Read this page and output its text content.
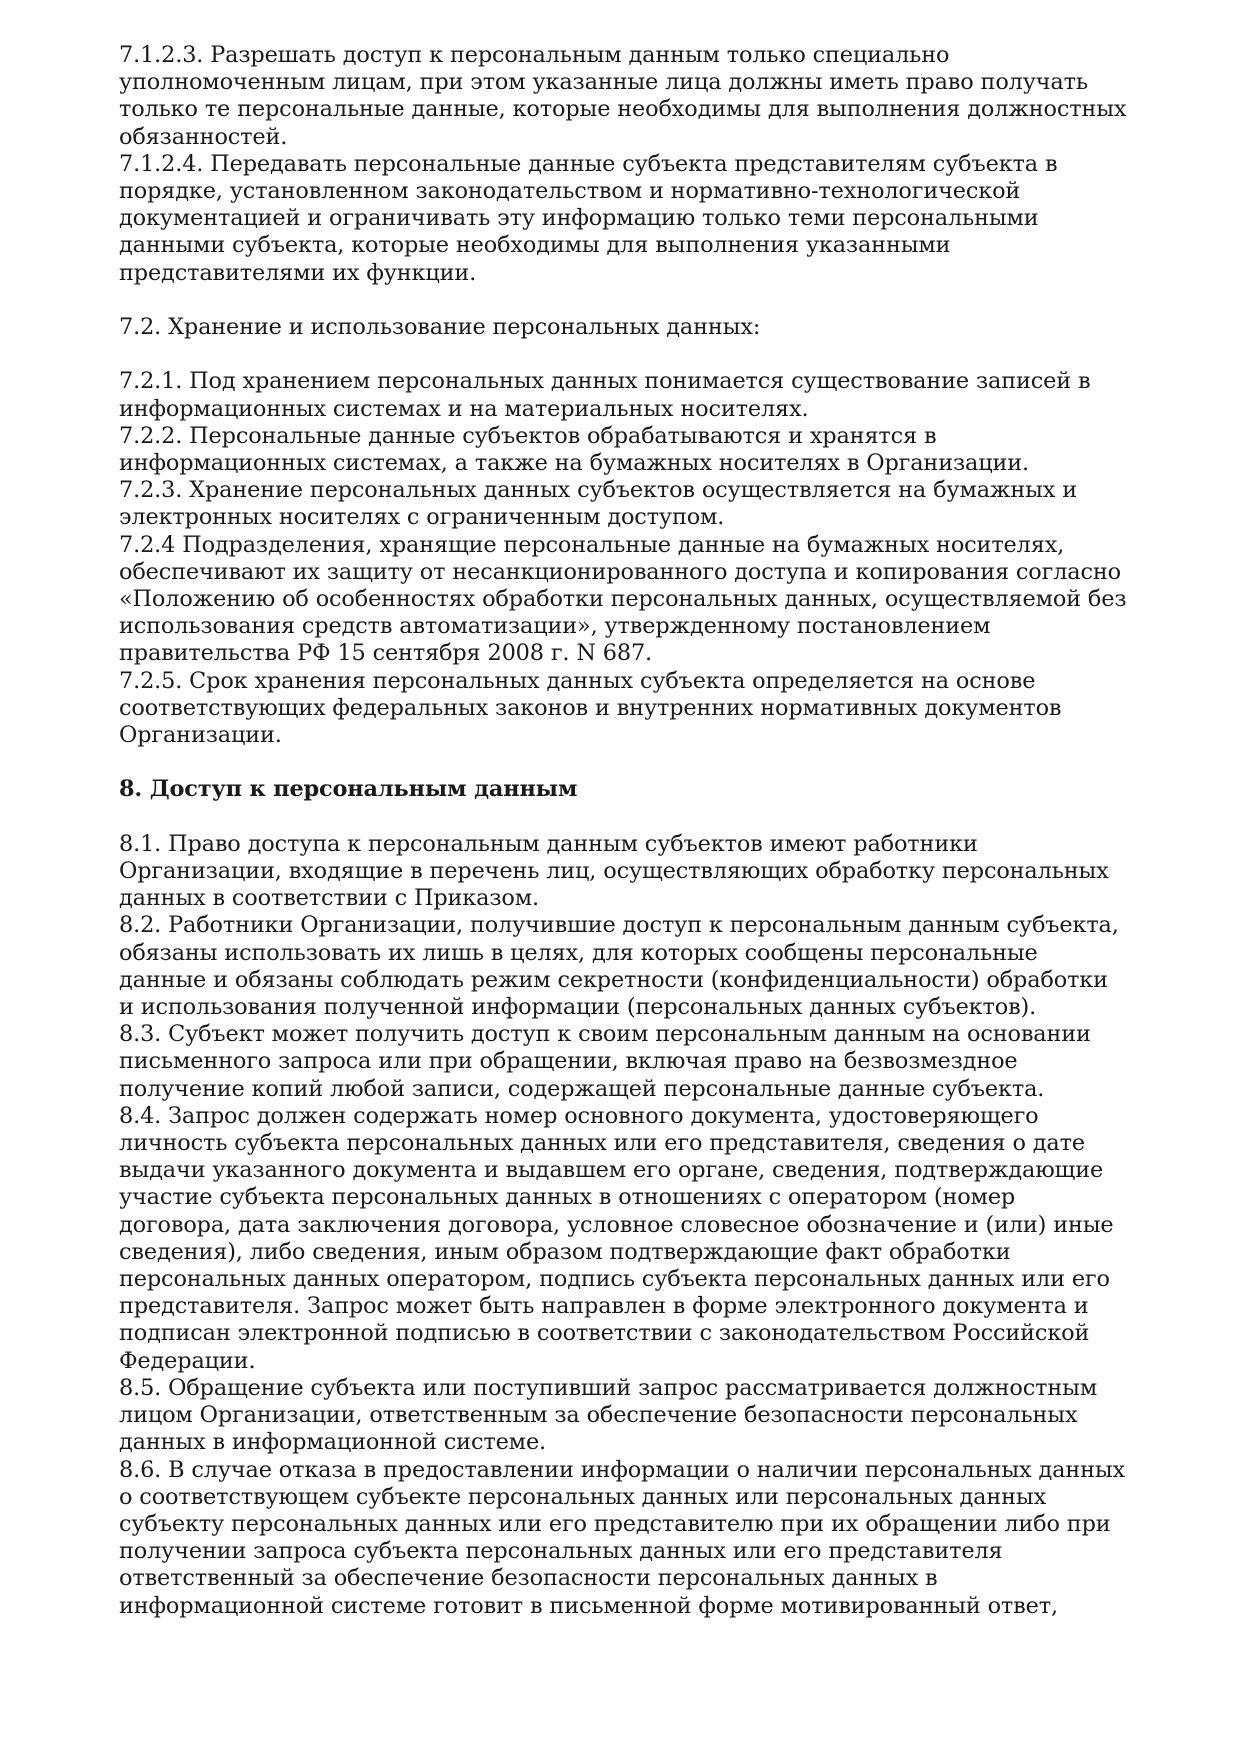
7.1.2.3. Разрешать доступ к персональным данным только специально уполномоченным лицам, при этом указанные лица должны иметь право получать только те персональные данные, которые необходимы для выполнения должностных обязанностей.

7.1.2.4. Передавать персональные данные субъекта представителям субъекта в порядке, установленном законодательством и нормативно-технологической документацией и ограничивать эту информацию только теми персональными данными субъекта, которые необходимы для выполнения указанными представителями их функции.

7.2. Хранение и использование персональных данных:

7.2.1. Под хранением персональных данных понимается существование записей в информационных системах и на материальных носителях.

7.2.2. Персональные данные субъектов обрабатываются и хранятся в информационных системах, а также на бумажных носителях в Организации.

7.2.3. Хранение персональных данных субъектов осуществляется на бумажных и электронных носителях с ограниченным доступом.

7.2.4 Подразделения, хранящие персональные данные на бумажных носителях, обеспечивают их защиту от несанкционированного доступа и копирования согласно «Положению об особенностях обработки персональных данных, осуществляемой без использования средств автоматизации», утвержденному постановлением правительства РФ 15 сентября 2008 г. N 687.

7.2.5. Срок хранения персональных данных субъекта определяется на основе соответствующих федеральных законов и внутренних нормативных документов Организации.

8. Доступ к персональным данным

8.1. Право доступа к персональным данным субъектов имеют работники Организации, входящие в перечень лиц, осуществляющих обработку персональных данных в соответствии с Приказом.

8.2. Работники Организации, получившие доступ к персональным данным субъекта, обязаны использовать их лишь в целях, для которых сообщены персональные данные и обязаны соблюдать режим секретности (конфиденциальности) обработки и использования полученной информации (персональных данных субъектов).

8.3. Субъект может получить доступ к своим персональным данным на основании письменного запроса или при обращении, включая право на безвозмездное получение копий любой записи, содержащей персональные данные субъекта.

8.4. Запрос должен содержать номер основного документа, удостоверяющего личность субъекта персональных данных или его представителя, сведения о дате выдачи указанного документа и выдавшем его органе, сведения, подтверждающие участие субъекта персональных данных в отношениях с оператором (номер договора, дата заключения договора, условное словесное обозначение и (или) иные сведения), либо сведения, иным образом подтверждающие факт обработки персональных данных оператором, подпись субъекта персональных данных или его представителя. Запрос может быть направлен в форме электронного документа и подписан электронной подписью в соответствии с законодательством Российской Федерации.

8.5. Обращение субъекта или поступивший запрос рассматривается должностным лицом Организации, ответственным за обеспечение безопасности персональных данных в информационной системе.

8.6. В случае отказа в предоставлении информации о наличии персональных данных о соответствующем субъекте персональных данных или персональных данных субъекту персональных данных или его представителю при их обращении либо при получении запроса субъекта персональных данных или его представителя ответственный за обеспечение безопасности персональных данных в информационной системе готовит в письменной форме мотивированный ответ,
